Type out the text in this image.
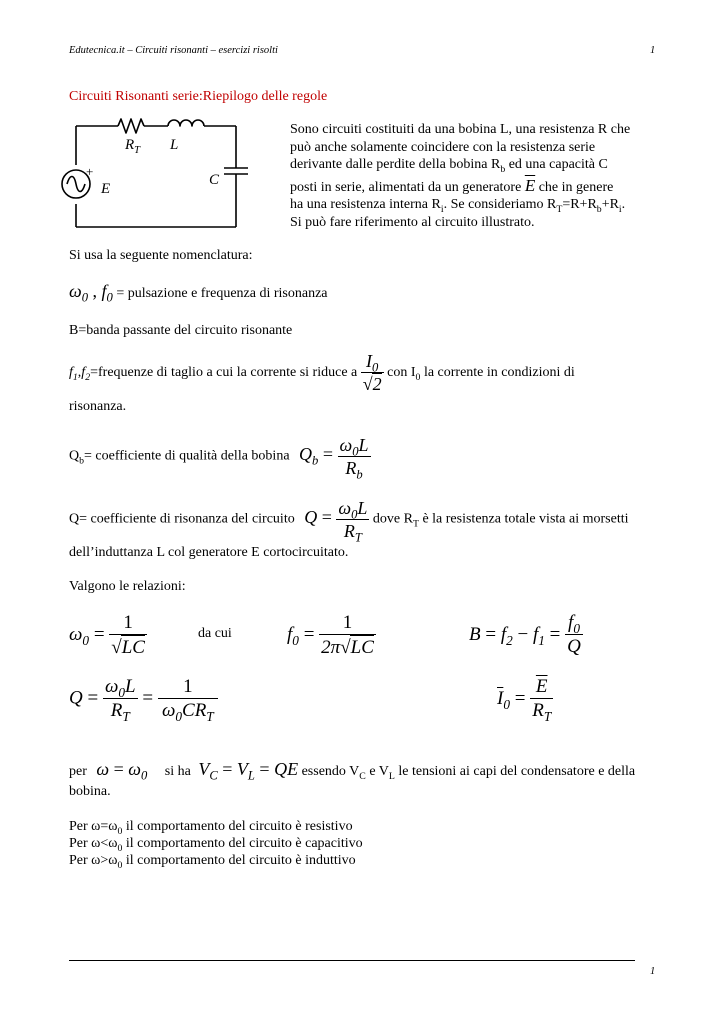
Edutecnica.it – Circuiti risonanti – esercizi risolti	1
Circuiti Risonanti serie:Riepilogo delle regole
$R_T$ L
C
E
+
Sono circuiti costituiti da una bobina L, una resistenza R che
può anche solamente coincidere con la resistenza serie
derivante dalle perdite della bobina $R_b$ ed una capacità C
posti in serie, alimentati da un generatore $\overline{E}$ che in genere
ha una resistenza interna $R_i$. Se consideriamo $R_T=R+R_b+R_i$.
Si può fare riferimento al circuito illustrato.
Si usa la seguente nomenclatura:
$\omega_0$ , $f_0$ = pulsazione e frequenza di risonanza
B=banda passante del circuito risonante
$f_1,f_2=frequenze$ di taglio a cui la corrente si riduce a $\frac{I_0}{√2}$ con $I_0$ la corrente in condizioni di
risonanza.
$Q_b=$ coefficiente di qualità della bobina $Q_b = \frac{\omega_0L}{R_b}$
Q= coefficiente di risonanza del circuito $Q = \frac{\omega_0L}{R_T}$ dove $R_T$ è la resistenza totale vista ai morsetti
dell’induttanza L col generatore E cortocircuitato.
Valgono le relazioni:
$\omega_0 = \frac{1}{√LC}$	da cui	$f_0 = \frac{1}{2\pi√LC}$	$B = f_2 - f_1 = \frac{f_0}{Q}$
$Q = \frac{\omega_0L}{R_T} = \frac{1}{\omega_0CR_T}$	$\overline{I}_0 = \frac{\overline{E}}{R_T}$
per $\omega = \omega_0$ si ha $V_C = V_L$ = QE essendo $V_C$ e $V_L$ le tensioni ai capi del condensatore e della
bobina.
Per $\omega=\omega_0$ il comportamento del circuito è resistivo
Per $\omega<\omega_0$ il comportamento del circuito è capacitivo
Per $\omega>\omega_0$ il comportamento del circuito è induttivo
1
